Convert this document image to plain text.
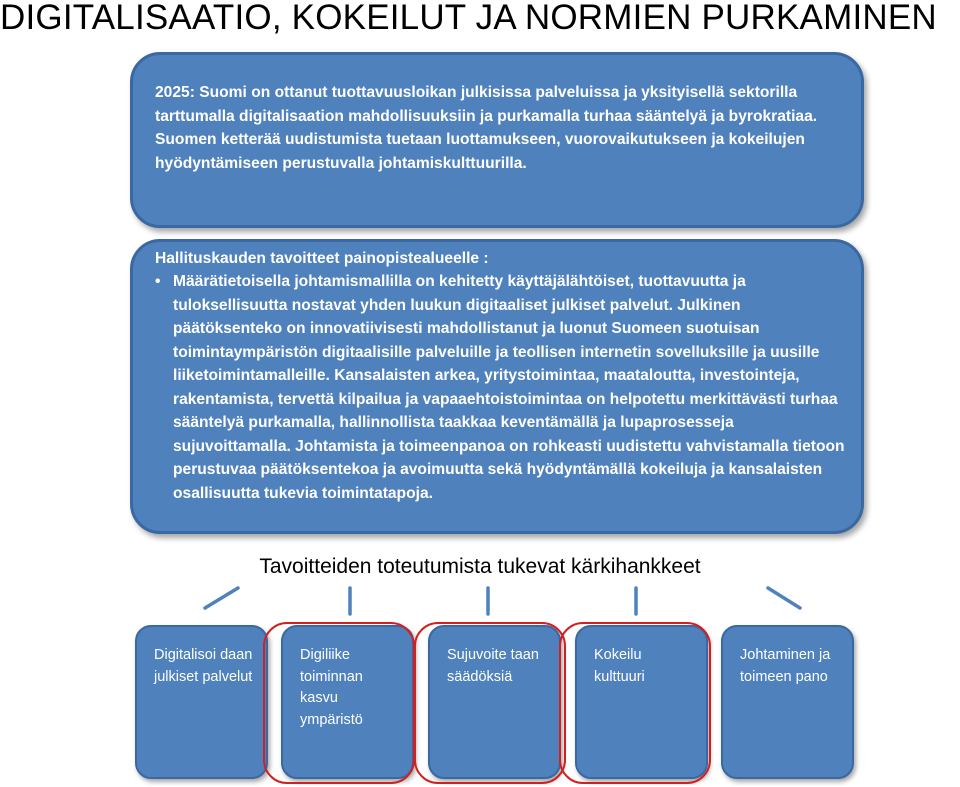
DIGITALISAATIO, KOKEILUT JA NORMIEN PURKAMINEN
2025: Suomi on ottanut tuottavuusloikan julkisissa palveluissa ja yksityisellä sektorilla tarttumalla digitalisaation mahdollisuuksiin ja purkamalla turhaa sääntelyä ja byrokratiaa. Suomen ketterää uudistumista tuetaan luottamukseen, vuorovaikutukseen ja kokeilujen hyödyntämiseen perustuvalla johtamiskulttuurilla.
Hallituskauden tavoitteet painopistealueelle :
• Määrätietoisella johtamismallilla on kehitetty käyttäjälähtöiset, tuottavuutta ja tuloksellisuutta nostavat yhden luukun digitaaliset julkiset palvelut. Julkinen päätöksenteko on innovatiivisesti mahdollistanut ja luonut Suomeen suotuisan toimintaympäristön digitaalisille palveluille ja teollisen internetin sovelluksille ja uusille liiketoimintamalleille. Kansalaisten arkea, yritystoimintaa, maataloutta, investointeja, rakentamista, tervettä kilpailua ja vapaaehtoistoimintaa on helpotettu merkittävästi turhaa sääntelyä purkamalla, hallinnollista taakkaa keventämällä ja lupaprosesseja sujuvoittamalla. Johtamista ja toimeenpanoa on rohkeasti uudistettu vahvistamalla tietoon perustuvaa päätöksentekoa ja avoimuutta sekä hyödyntämällä kokeiluja ja kansalaisten osallisuutta tukevia toimintatapoja.
Tavoitteiden toteutumista tukevat kärkihankkeet
Digitalisoi daan julkiset palvelut
Digiliike toiminnan kasvu ympäristö
Sujuvoite taan säädöksiä
Kokeilu kulttuuri
Johtaminen ja toimeen pano
